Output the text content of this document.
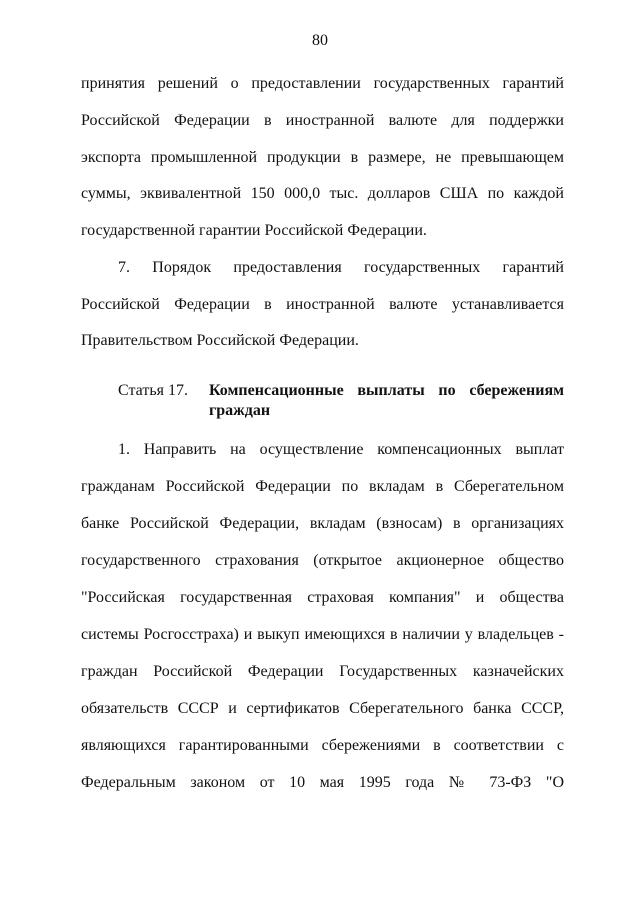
80
принятия решений о предоставлении государственных гарантий
Российской Федерации в иностранной валюте для поддержки
экспорта промышленной продукции в размере, не превышающем
суммы, эквивалентной 150 000,0 тыс. долларов США по каждой
государственной гарантии Российской Федерации.
7. Порядок предоставления государственных гарантий
Российской Федерации в иностранной валюте устанавливается
Правительством Российской Федерации.
Статья 17. Компенсационные выплаты по сбережениям
граждан
1. Направить на осуществление компенсационных выплат
гражданам Российской Федерации по вкладам в Сберегательном
банке Российской Федерации, вкладам (взносам) в организациях
государственного страхования (открытое акционерное общество
"Российская государственная страховая компания" и общества
системы Росгосстраха) и выкуп имеющихся в наличии у владельцев -
граждан Российской Федерации Государственных казначейских
обязательств СССР и сертификатов Сберегательного банка СССР,
являющихся гарантированными сбережениями в соответствии с
Федеральным законом от 10 мая 1995 года № 73-ФЗ "О
